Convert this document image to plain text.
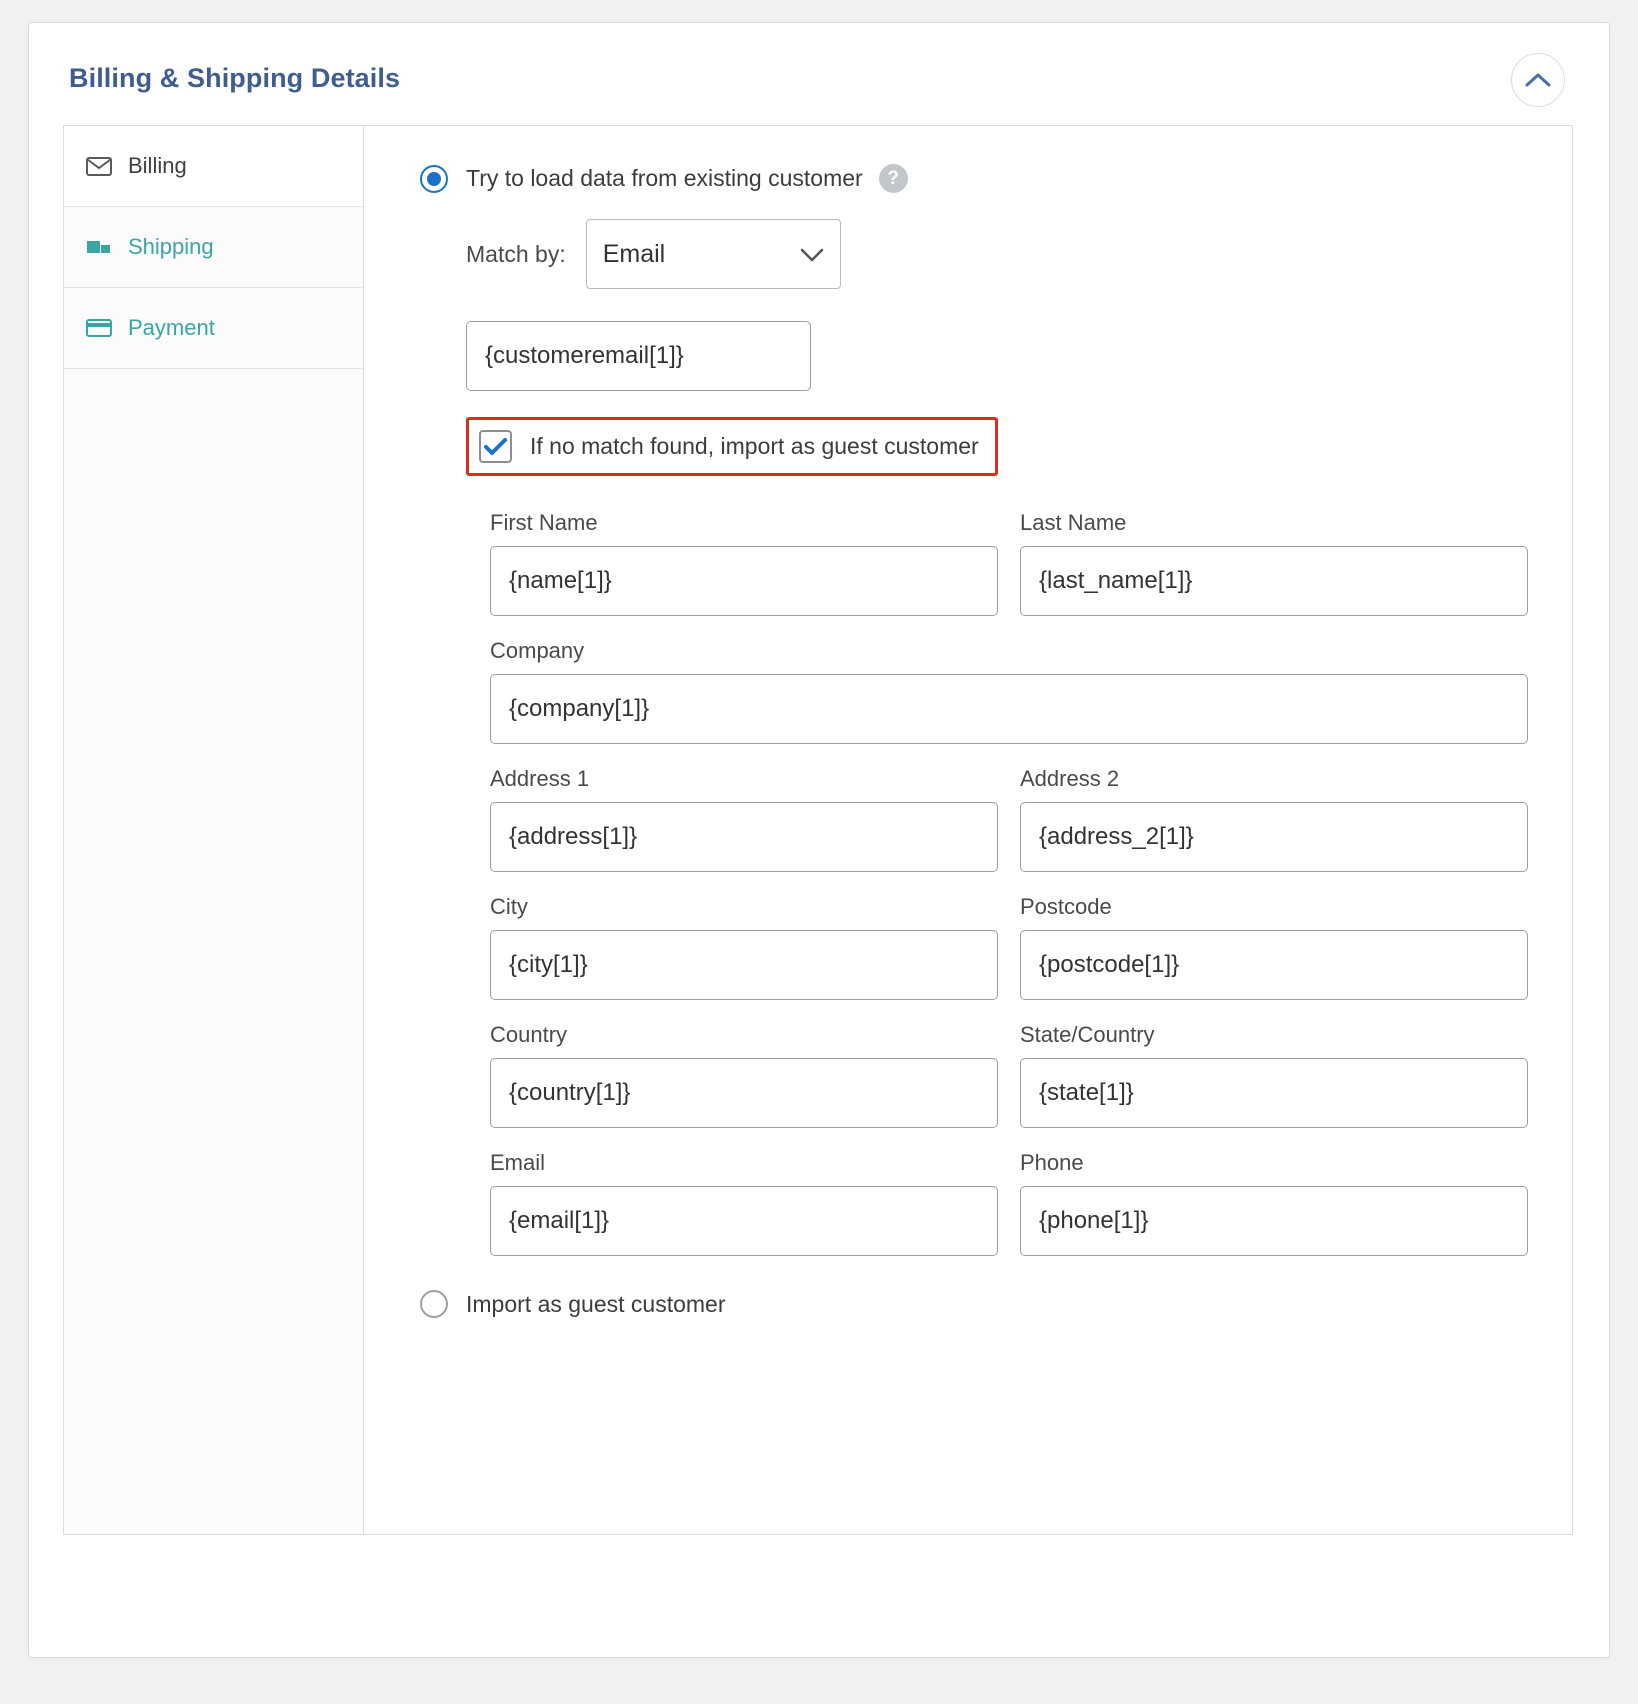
Billing & Shipping Details
Billing
Shipping
Payment
Try to load data from existing customer	?
Match by: Email
{customeremail[1]}
If no match found, import as guest customer
First Name
{name[1]}
Last Name
{last_name[1]}
Company
{company[1]}
Address 1
{address[1]}
Address 2
{address_2[1]}
City
{city[1]}
Postcode
{postcode[1]}
Country
{country[1]}
State/Country
{state[1]}
Email
{email[1]}
Phone
{phone[1]}
Import as guest customer
